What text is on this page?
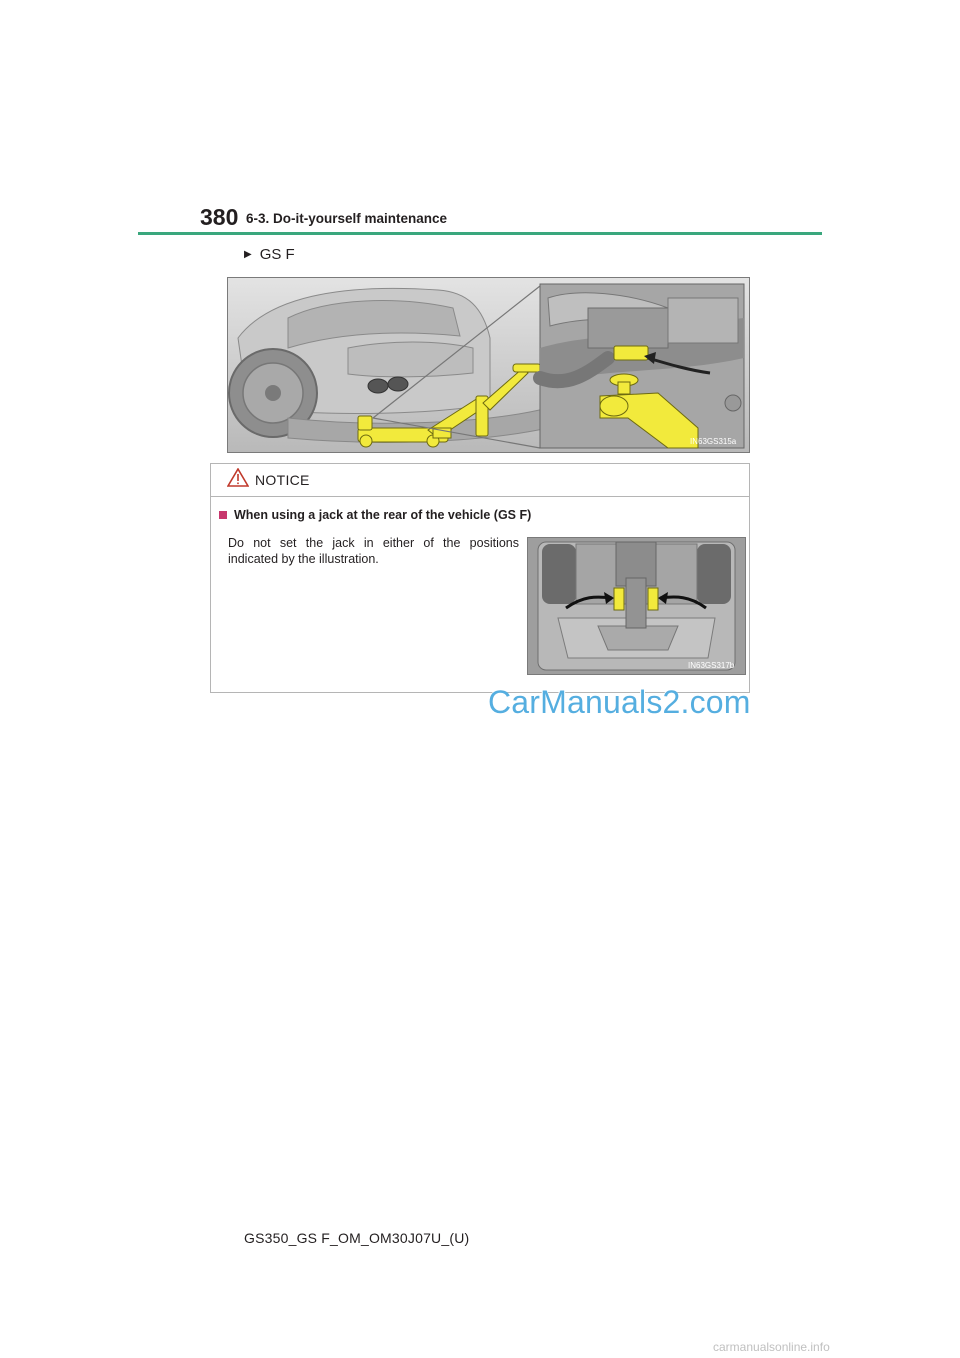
380 6-3. Do-it-yourself maintenance
▶ GS F
IN63GS315a
NOTICE
When using a jack at the rear of the vehicle (GS F)
Do not set the jack in either of the positions indicated by the illustration.
IN63GS317b
CarManuals2.com
GS350_GS F_OM_OM30J07U_(U)
carmanualsonline.info
